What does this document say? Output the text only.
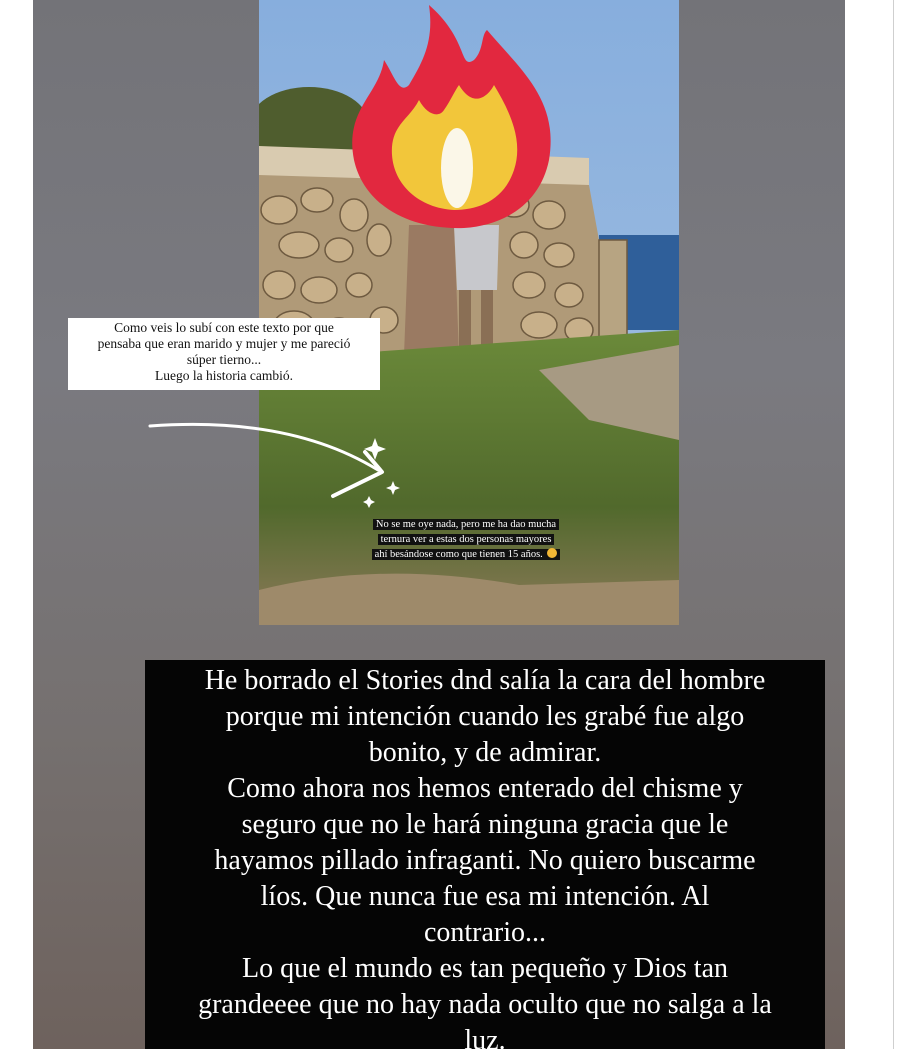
Como veis lo subí con este texto por que
pensaba que eran marido y mujer y me pareció
súper tierno...
Luego la historia cambió.
No se me oye nada, pero me ha dao mucha
ternura ver a estas dos personas mayores
ahí besándose como que tienen 15 años.
He borrado el Stories dnd salía la cara del hombre
porque mi intención cuando les grabé fue algo
bonito, y de admirar.
Como ahora nos hemos enterado del chisme y
seguro que no le hará ninguna gracia que le
hayamos pillado infraganti. No quiero buscarme
líos. Que nunca fue esa mi intención. Al
contrario...
Lo que el mundo es tan pequeño y Dios tan
grandeeee que no hay nada oculto que no salga a la
luz.
